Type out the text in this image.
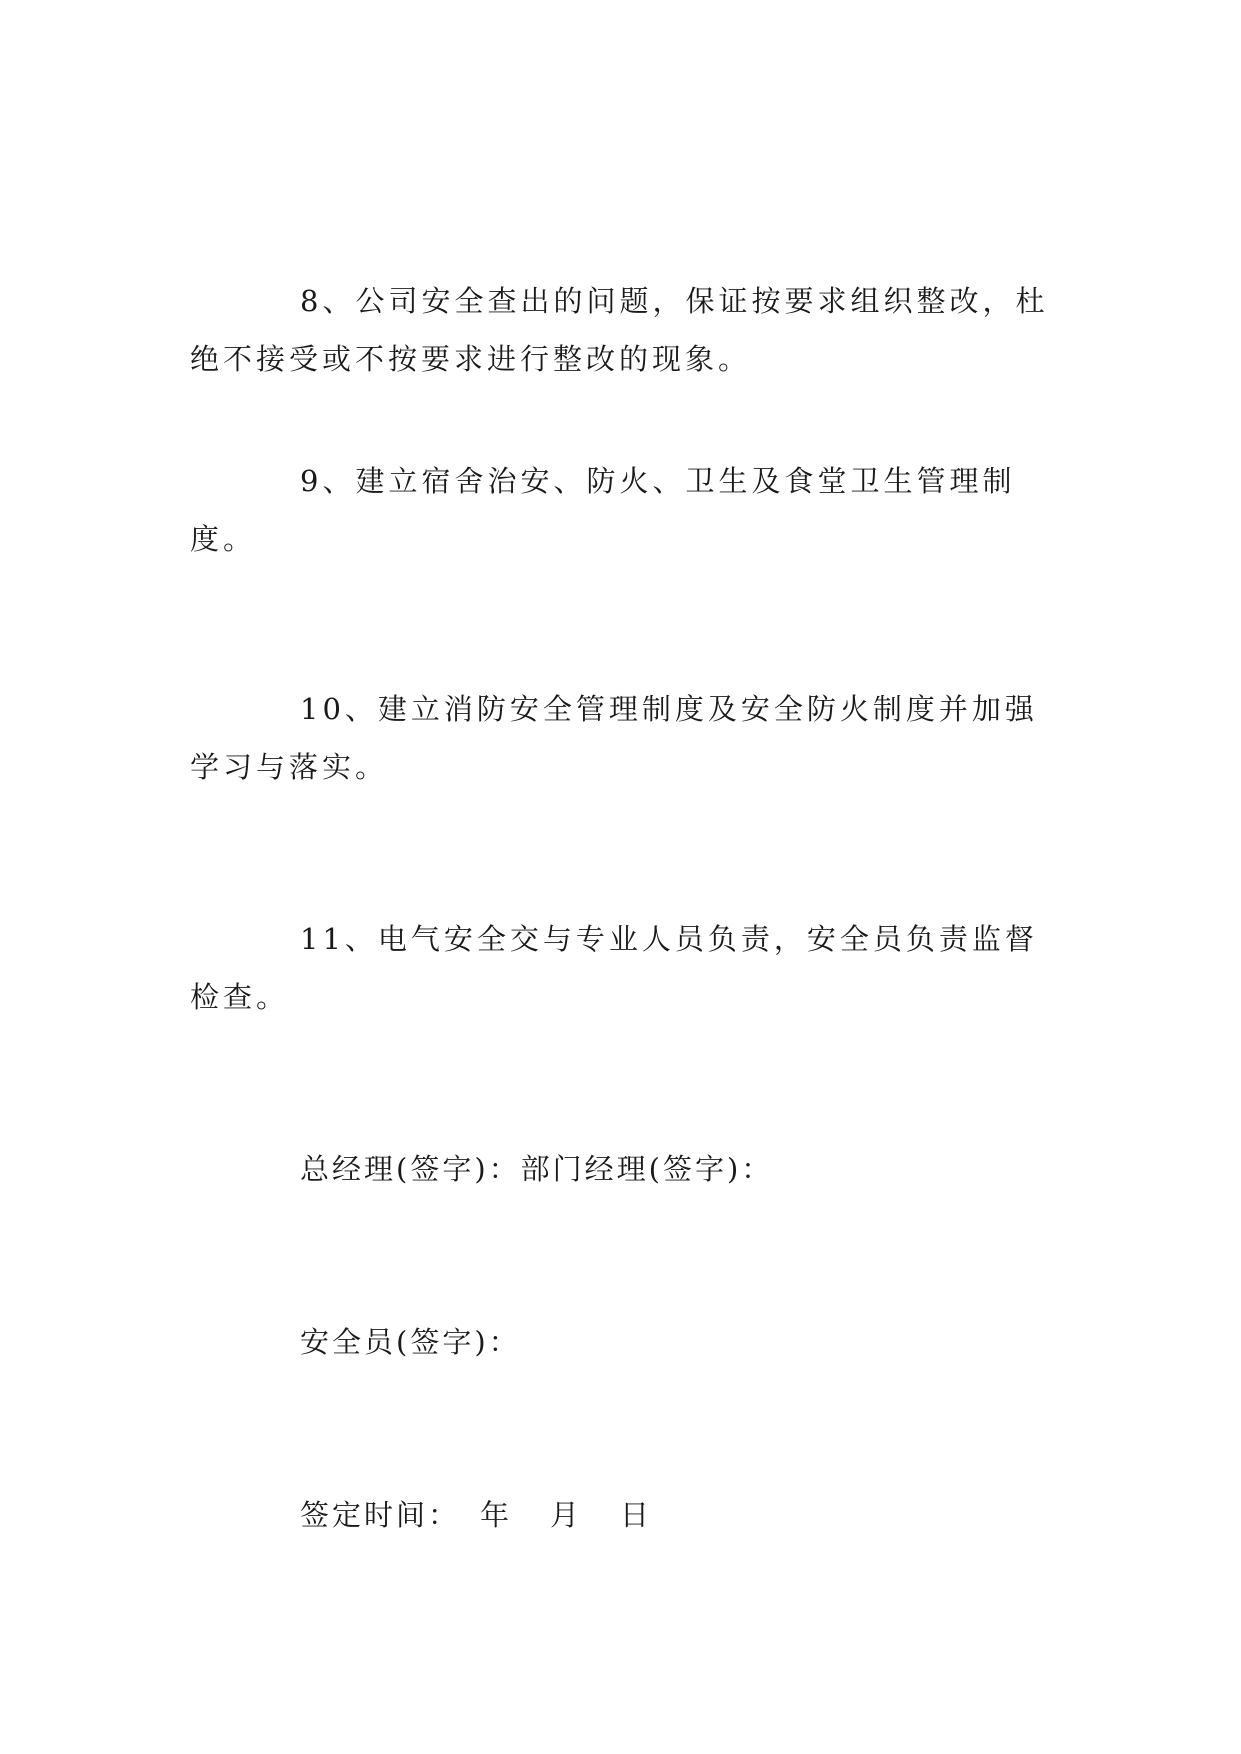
8、公司安全查出的问题，保证按要求组织整改，杜绝不接受或不按要求进行整改的现象。

9、建立宿舍治安、防火、卫生及食堂卫生管理制度。

10、建立消防安全管理制度及安全防火制度并加强学习与落实。

11、电气安全交与专业人员负责，安全员负责监督检查。

总经理(签字)：部门经理(签字)：

安全员(签字)：

签定时间： 年 月 日
